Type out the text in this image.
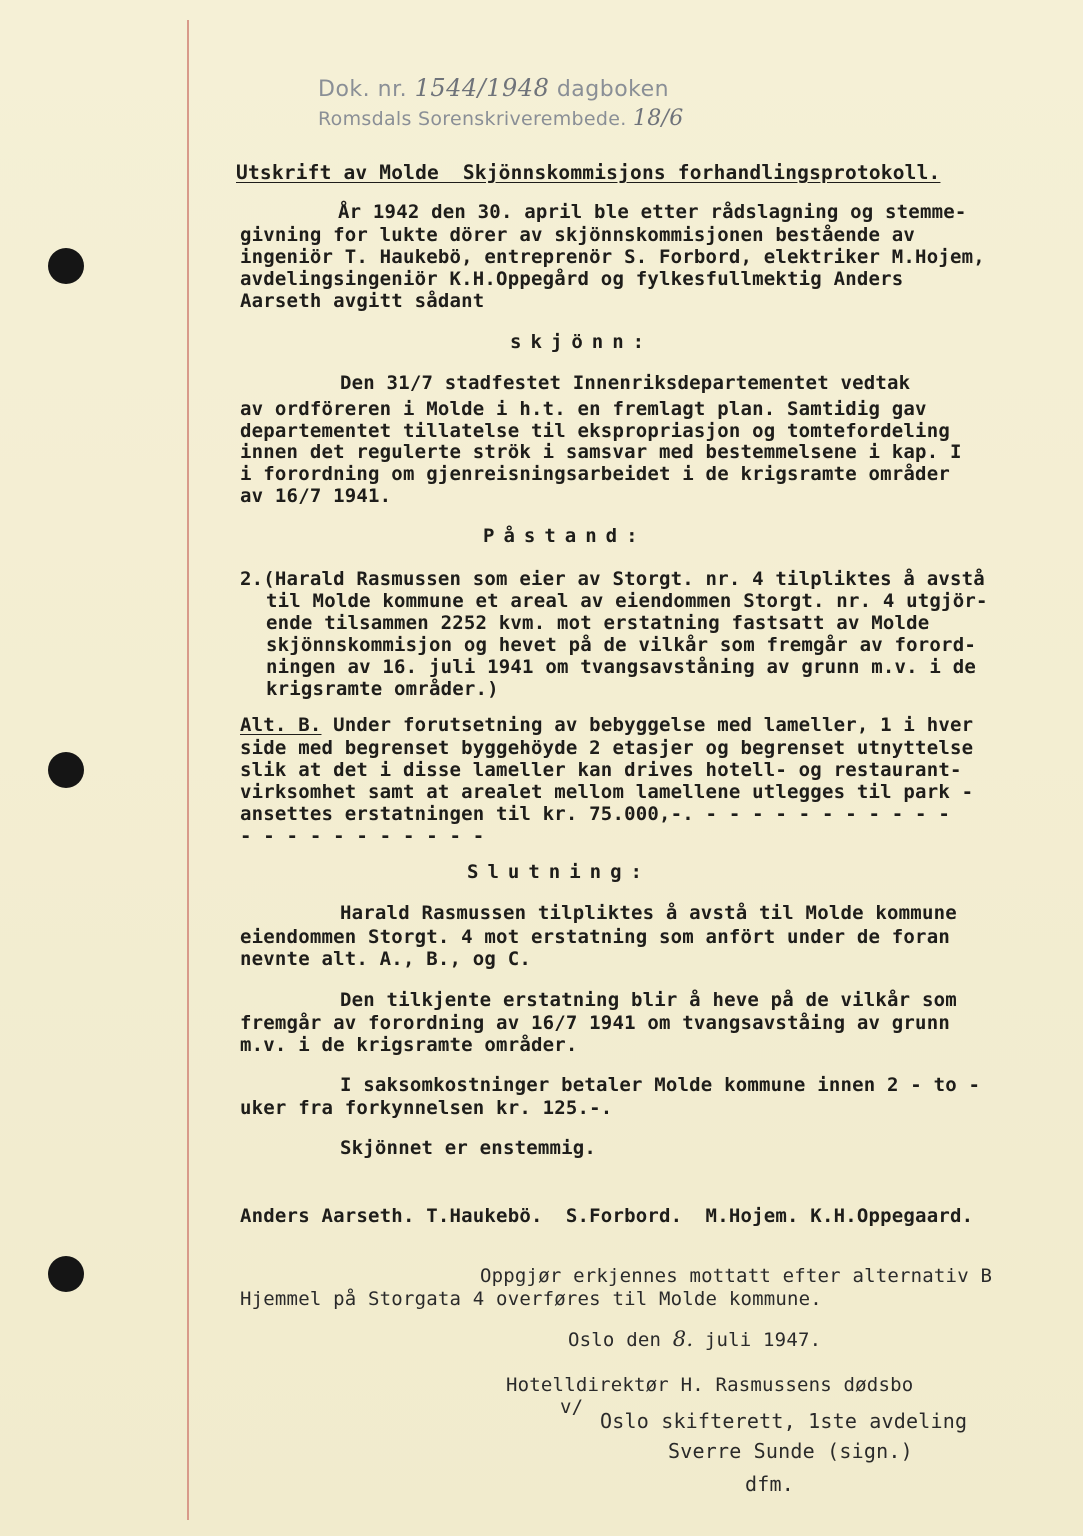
Dok. nr. 1544/1948 dagboken
Romsdals Sorenskriverembede. 18/6
Utskrift av Molde  Skjönnskommisjons forhandlingsprotokoll.
År 1942 den 30. april ble etter rådslagning og stemme-
givning for lukte dörer av skjönnskommisjonen bestående av
ingeniör T. Haukebö, entreprenör S. Forbord, elektriker M.Hojem,
avdelingsingeniör K.H.Oppegård og fylkesfullmektig Anders
Aarseth avgitt sådant
skjönn:
Den 31/7 stadfestet Innenriksdepartementet vedtak
av ordföreren i Molde i h.t. en fremlagt plan. Samtidig gav
departementet tillatelse til ekspropriasjon og tomtefordeling
innen det regulerte strök i samsvar med bestemmelsene i kap. I
i forordning om gjenreisningsarbeidet i de krigsramte områder
av 16/7 1941.
Påstand:
2.(Harald Rasmussen som eier av Storgt. nr. 4 tilpliktes å avstå
til Molde kommune et areal av eiendommen Storgt. nr. 4 utgjör-
ende tilsammen 2252 kvm. mot erstatning fastsatt av Molde
skjönnskommisjon og hevet på de vilkår som fremgår av forord-
ningen av 16. juli 1941 om tvangsavståning av grunn m.v. i de
krigsramte områder.)
Alt. B. Under forutsetning av bebyggelse med lameller, 1 i hver
side med begrenset byggehöyde 2 etasjer og begrenset utnyttelse
slik at det i disse lameller kan drives hotell- og restaurant-
virksomhet samt at arealet mellom lamellene utlegges til park -
ansettes erstatningen til kr. 75.000,-. - - - - - - - - - - -
- - - - - - - - - - -
Slutning:
Harald Rasmussen tilpliktes å avstå til Molde kommune
eiendommen Storgt. 4 mot erstatning som anfört under de foran
nevnte alt. A., B., og C.
Den tilkjente erstatning blir å heve på de vilkår som
fremgår av forordning av 16/7 1941 om tvangsavståing av grunn
m.v. i de krigsramte områder.
I saksomkostninger betaler Molde kommune innen 2 - to -
uker fra forkynnelsen kr. 125.-.
Skjönnet er enstemmig.
Anders Aarseth. T.Haukebö.  S.Forbord.  M.Hojem. K.H.Oppegaard.
Oppgjør erkjennes mottatt efter alternativ B
Hjemmel på Storgata 4 overføres til Molde kommune.
Oslo den 8. juli 1947.
Hotelldirektør H. Rasmussens dødsbo
v/
Oslo skifterett, 1ste avdeling
Sverre Sunde (sign.)
dfm.
